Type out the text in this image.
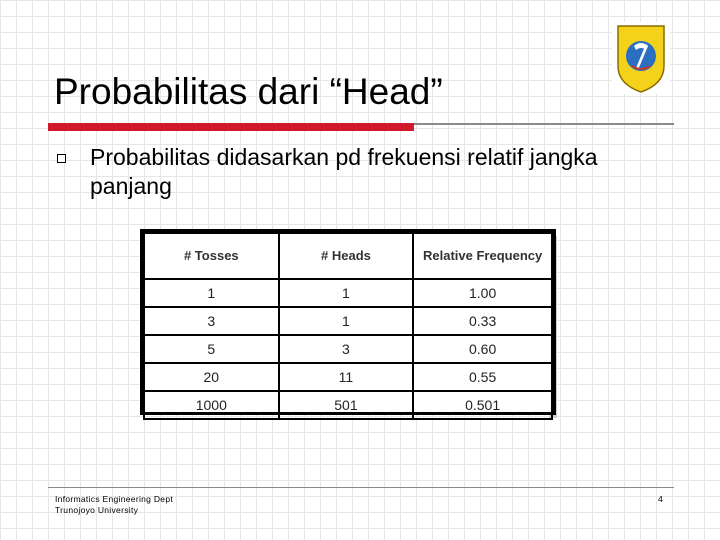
Probabilitas dari “Head”
Probabilitas didasarkan pd frekuensi relatif jangka panjang
# Tosses	# Heads	Relative Frequency
1	1	1.00
3	1	0.33
5	3	0.60
20	11	0.55
1000	501	0.501
Informatics Engineering Dept
Trunojoyo University
4
